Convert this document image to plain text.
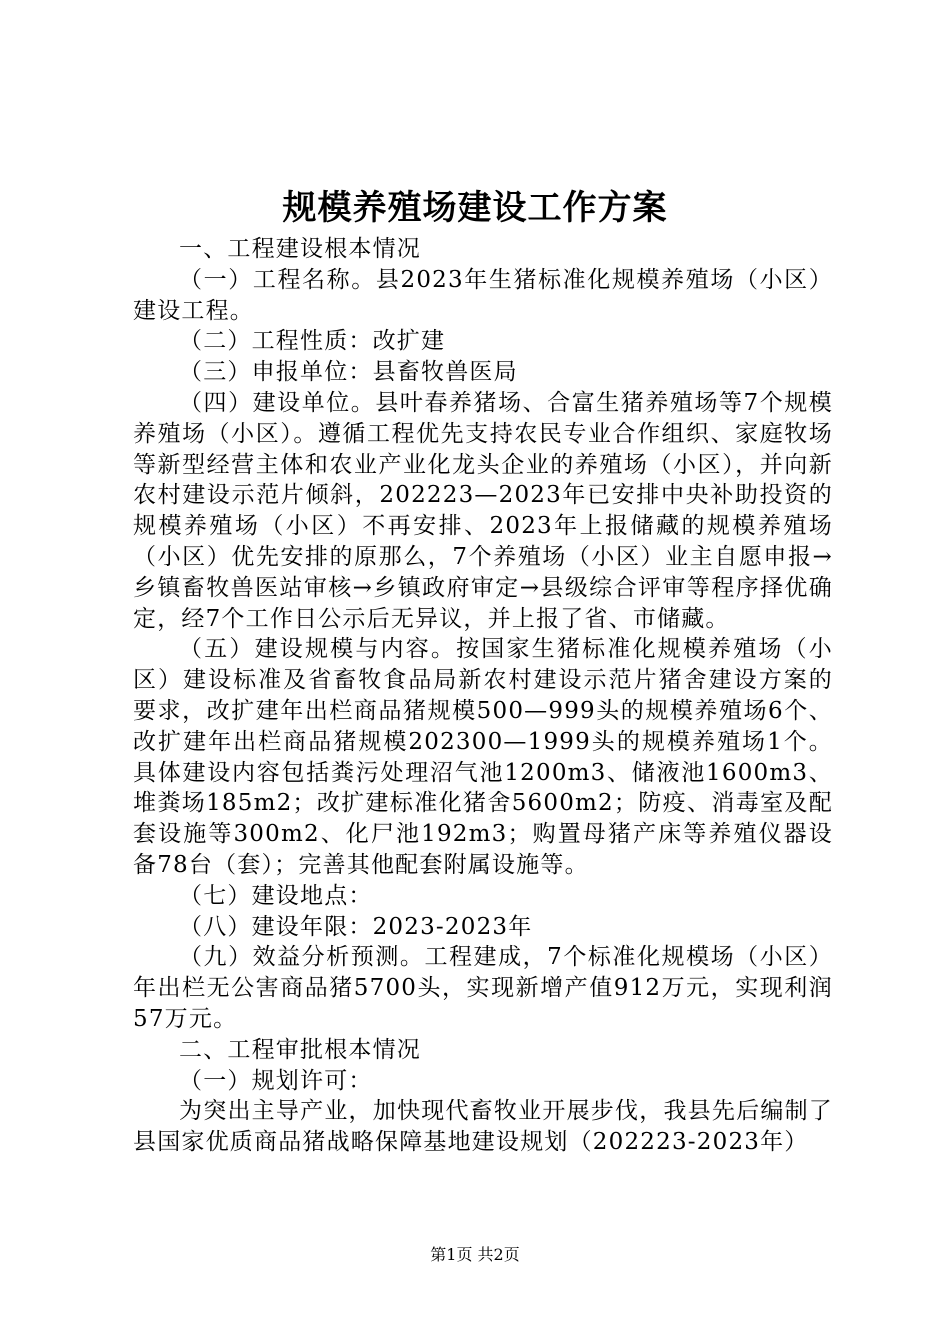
规模养殖场建设工作方案

一、工程建设根本情况

（一）工程名称。县2023年生猪标准化规模养殖场（小区）建设工程。

（二）工程性质：改扩建

（三）申报单位：县畜牧兽医局

（四）建设单位。县叶春养猪场、合富生猪养殖场等7个规模养殖场（小区）。遵循工程优先支持农民专业合作组织、家庭牧场等新型经营主体和农业产业化龙头企业的养殖场（小区），并向新农村建设示范片倾斜，202223—2023年已安排中央补助投资的规模养殖场（小区）不再安排、2023年上报储藏的规模养殖场（小区）优先安排的原那么，7个养殖场（小区）业主自愿申报→乡镇畜牧兽医站审核→乡镇政府审定→县级综合评审等程序择优确定，经7个工作日公示后无异议，并上报了省、市储藏。

（五）建设规模与内容。按国家生猪标准化规模养殖场（小区）建设标准及省畜牧食品局新农村建设示范片猪舍建设方案的要求，改扩建年出栏商品猪规模500—999头的规模养殖场6个、改扩建年出栏商品猪规模202300—1999头的规模养殖场1个。具体建设内容包括粪污处理沼气池1200m3、储液池1600m3、堆粪场185m2；改扩建标准化猪舍5600m2；防疫、消毒室及配套设施等300m2、化尸池192m3；购置母猪产床等养殖仪器设备78台（套）；完善其他配套附属设施等。

（七）建设地点：

（八）建设年限：2023-2023年

（九）效益分析预测。工程建成，7个标准化规模场（小区）年出栏无公害商品猪5700头，实现新增产值912万元，实现利润57万元。

二、工程审批根本情况

（一）规划许可：

为突出主导产业，加快现代畜牧业开展步伐，我县先后编制了县国家优质商品猪战略保障基地建设规划（202223-2023年）

第1页 共2页
